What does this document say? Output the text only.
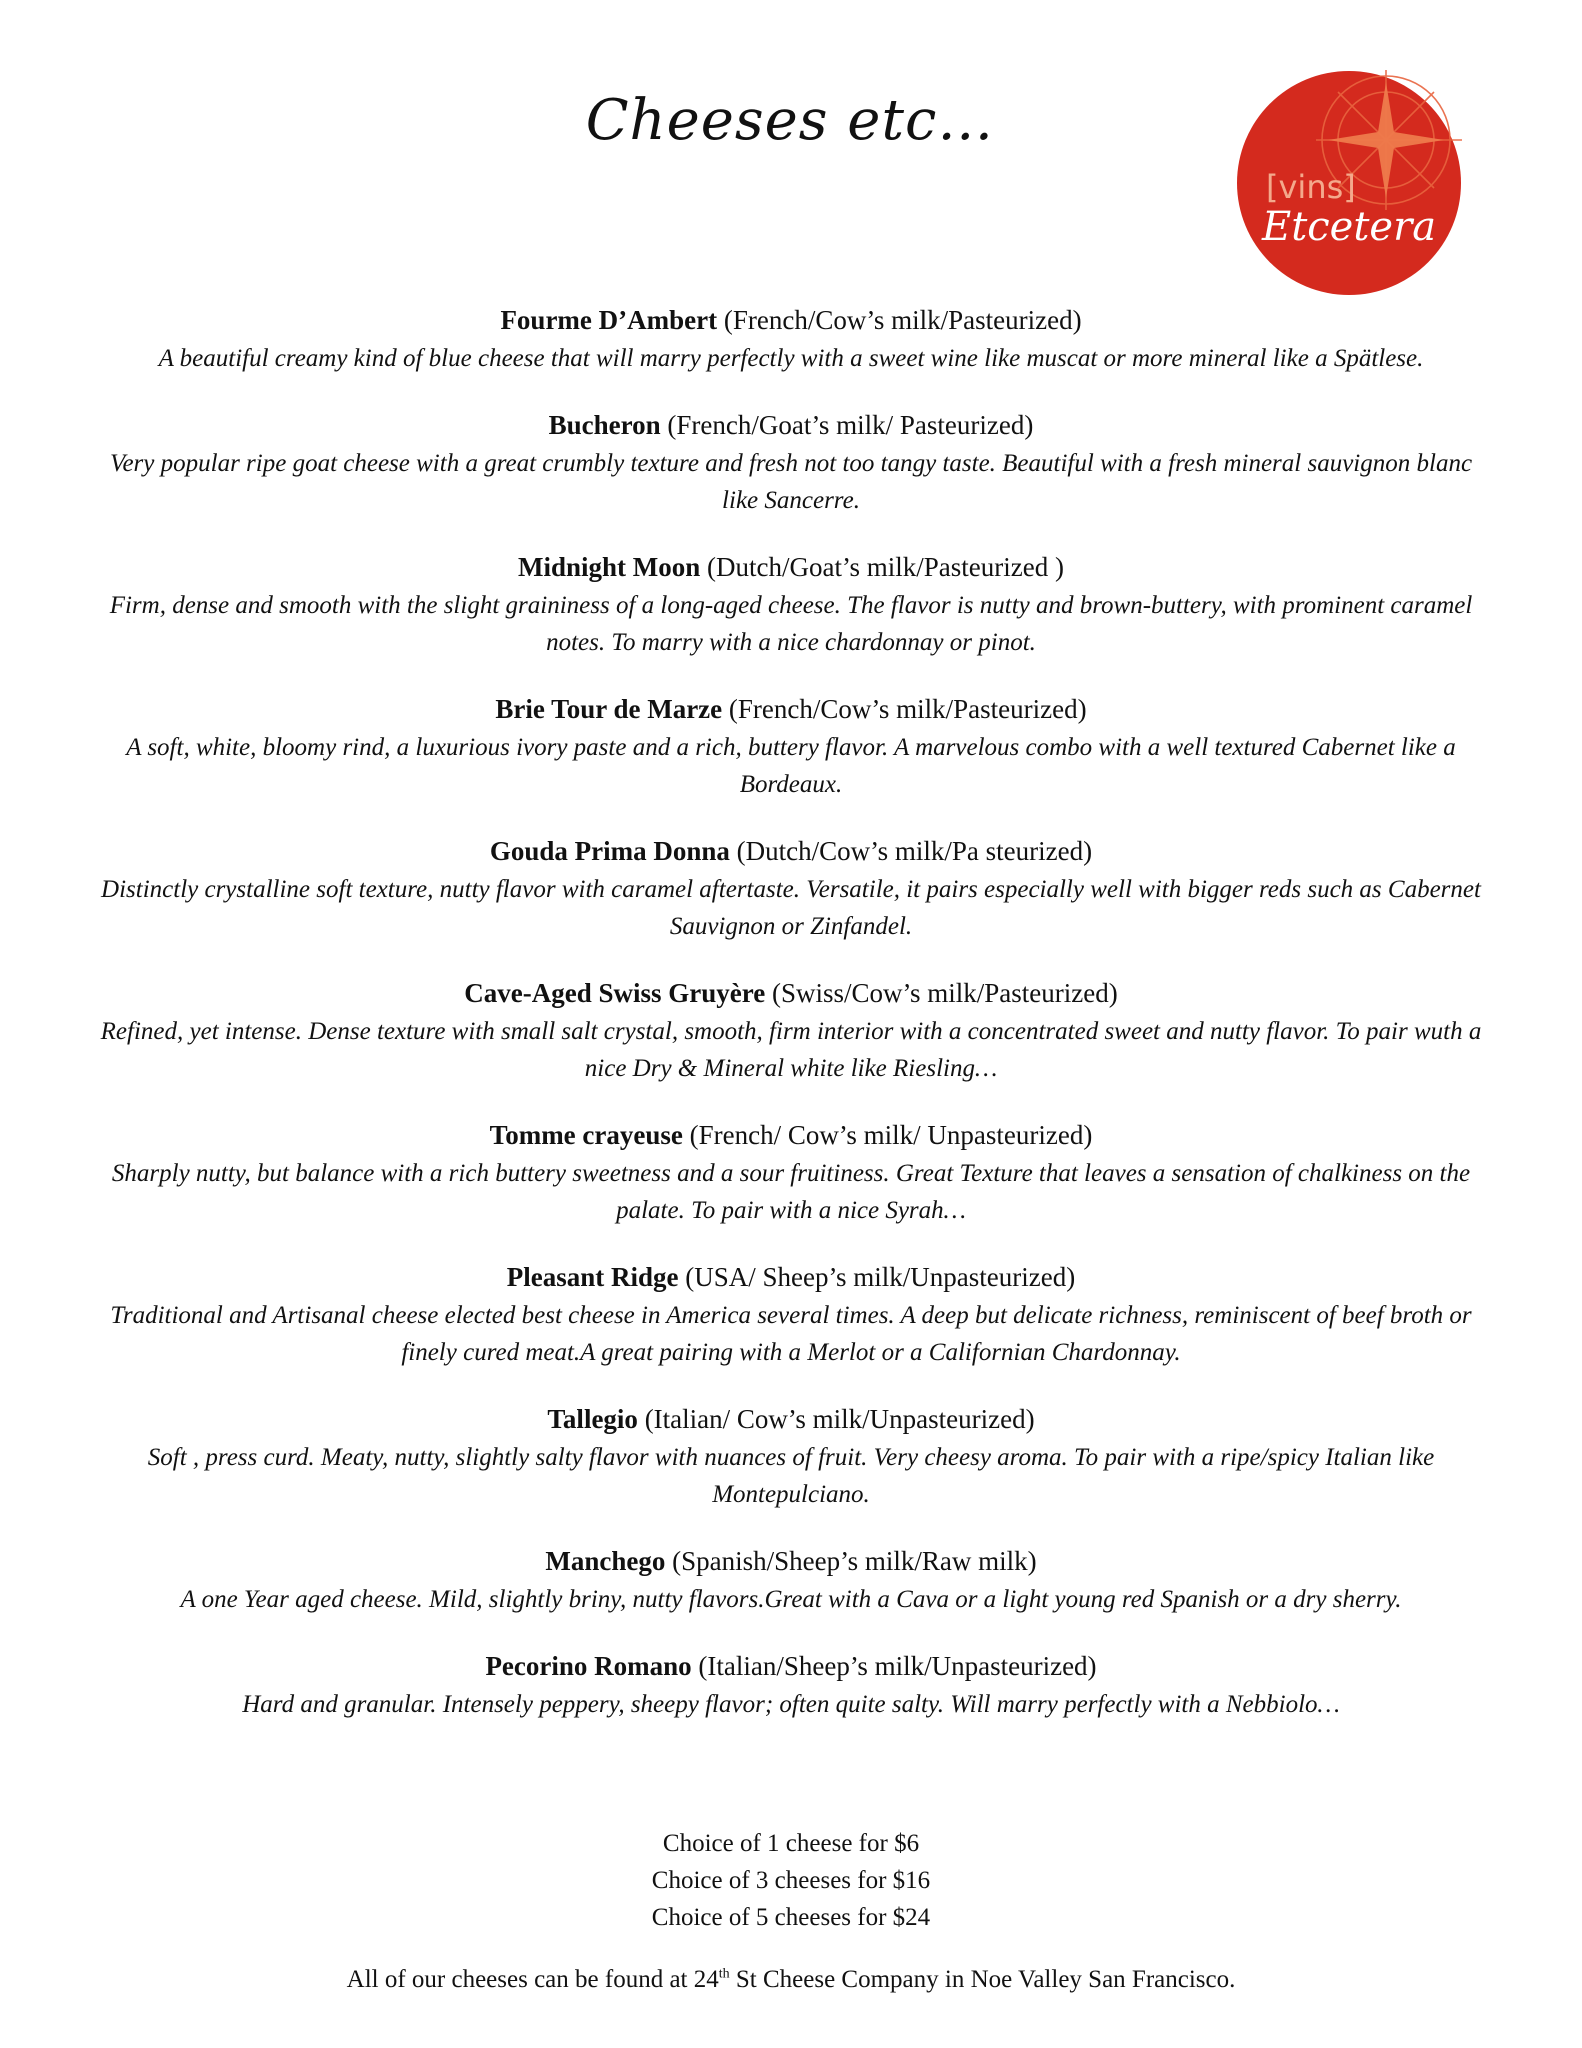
Cheeses etc…
[vins]
Etcetera
Fourme D’Ambert (French/Cow’s milk/Pasteurized)
A beautiful creamy kind of blue cheese that will marry perfectly with a sweet wine like muscat or more mineral like a Spätlese.
Bucheron (French/Goat’s milk/ Pasteurized)
Very popular ripe goat cheese with a great crumbly texture and fresh not too tangy taste. Beautiful with a fresh mineral sauvignon blanc like Sancerre.
Midnight Moon (Dutch/Goat’s milk/Pasteurized )
Firm, dense and smooth with the slight graininess of a long-aged cheese. The flavor is nutty and brown-buttery, with prominent caramel notes. To marry with a nice chardonnay or pinot.
Brie Tour de Marze (French/Cow’s milk/Pasteurized)
A soft, white, bloomy rind, a luxurious ivory paste and a rich, buttery flavor. A marvelous combo with a well textured Cabernet like a Bordeaux.
Gouda Prima Donna (Dutch/Cow’s milk/Pa steurized)
Distinctly crystalline soft texture, nutty flavor with caramel aftertaste. Versatile, it pairs especially well with bigger reds such as Cabernet Sauvignon or Zinfandel.
Cave-Aged Swiss Gruyère (Swiss/Cow’s milk/Pasteurized)
Refined, yet intense. Dense texture with small salt crystal, smooth, firm interior with a concentrated sweet and nutty flavor. To pair wuth a nice Dry & Mineral white like Riesling…
Tomme crayeuse (French/ Cow’s milk/ Unpasteurized)
Sharply nutty, but balance with a rich buttery sweetness and a sour fruitiness. Great Texture that leaves a sensation of chalkiness on the palate. To pair with a nice Syrah…
Pleasant Ridge (USA/ Sheep’s milk/Unpasteurized)
Traditional and Artisanal cheese elected best cheese in America several times. A deep but delicate richness, reminiscent of beef broth or finely cured meat.A great pairing with a Merlot or a Californian Chardonnay.
Tallegio (Italian/ Cow’s milk/Unpasteurized)
Soft , press curd. Meaty, nutty, slightly salty flavor with nuances of fruit. Very cheesy aroma. To pair with a ripe/spicy Italian like Montepulciano.
Manchego (Spanish/Sheep’s milk/Raw milk)
A one Year aged cheese. Mild, slightly briny, nutty flavors.Great with a Cava or a light young red Spanish or a dry sherry.
Pecorino Romano (Italian/Sheep’s milk/Unpasteurized)
Hard and granular. Intensely peppery, sheepy flavor; often quite salty. Will marry perfectly with a Nebbiolo…
Choice of 1 cheese for $6
Choice of 3 cheeses for $16
Choice of 5 cheeses for $24
All of our cheeses can be found at 24th St Cheese Company in Noe Valley San Francisco.
